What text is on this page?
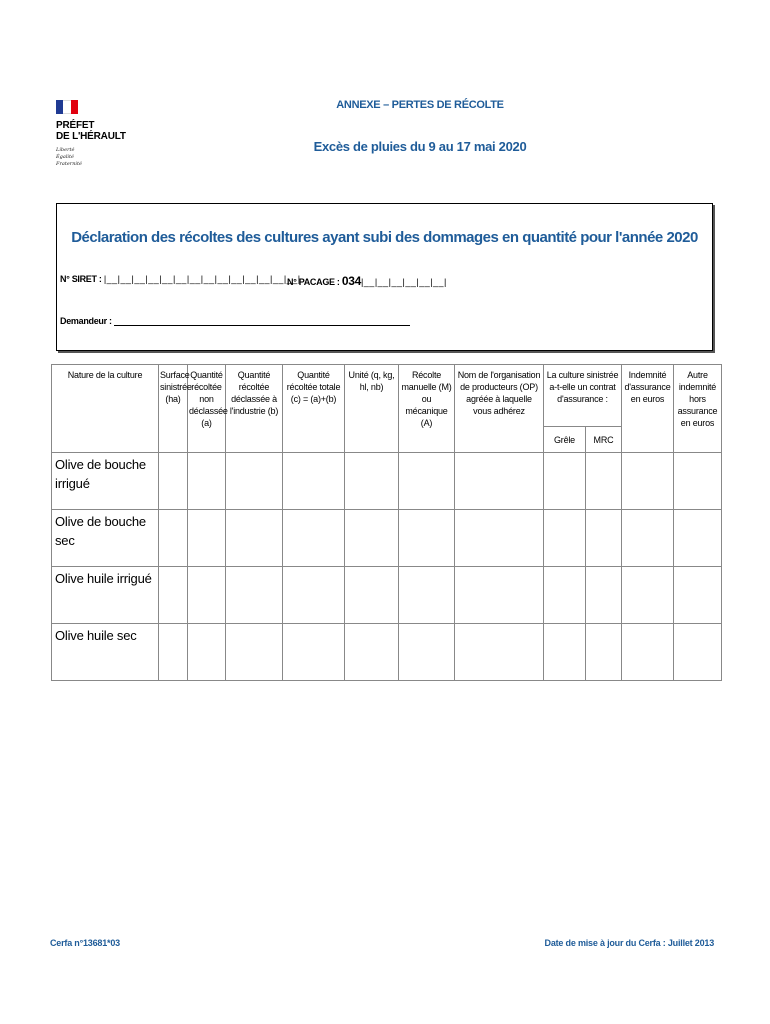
PRÉFET
DE L'HÉRAULT
Liberté
Égalité
Fraternité
ANNEXE – PERTES DE RÉCOLTE
Excès de pluies du 9 au 17 mai 2020
Déclaration des récoltes des cultures ayant subi des dommages en quantité pour l'année 2020
N° SIRET : |__|__|__|__|__|__|__|__|__|__|__|__|__|__|
N° PACAGE : 034|__|__|__|__|__|__|
Demandeur :
Nature de la culture	Surface sinistrée (ha)	Quantité récoltée non déclassée (a)	Quantité récoltée déclassée à l'industrie (b)	Quantité récoltée totale (c) = (a)+(b)	Unité (q, kg, hl, nb)	Récolte manuelle (M) ou mécanique (A)	Nom de l'organisation de producteurs (OP) agréée à laquelle vous adhérez	La culture sinistrée a-t-elle un contrat d'assurance :		Indemnité d'assurance en euros	Autre indemnité hors assurance en euros
								Grêle	MRC		
Olive de bouche irrigué											
Olive de bouche sec											
Olive huile irrigué											
Olive huile sec											
Cerfa n°13681*03	Date de mise à jour du Cerfa : Juillet 2013
